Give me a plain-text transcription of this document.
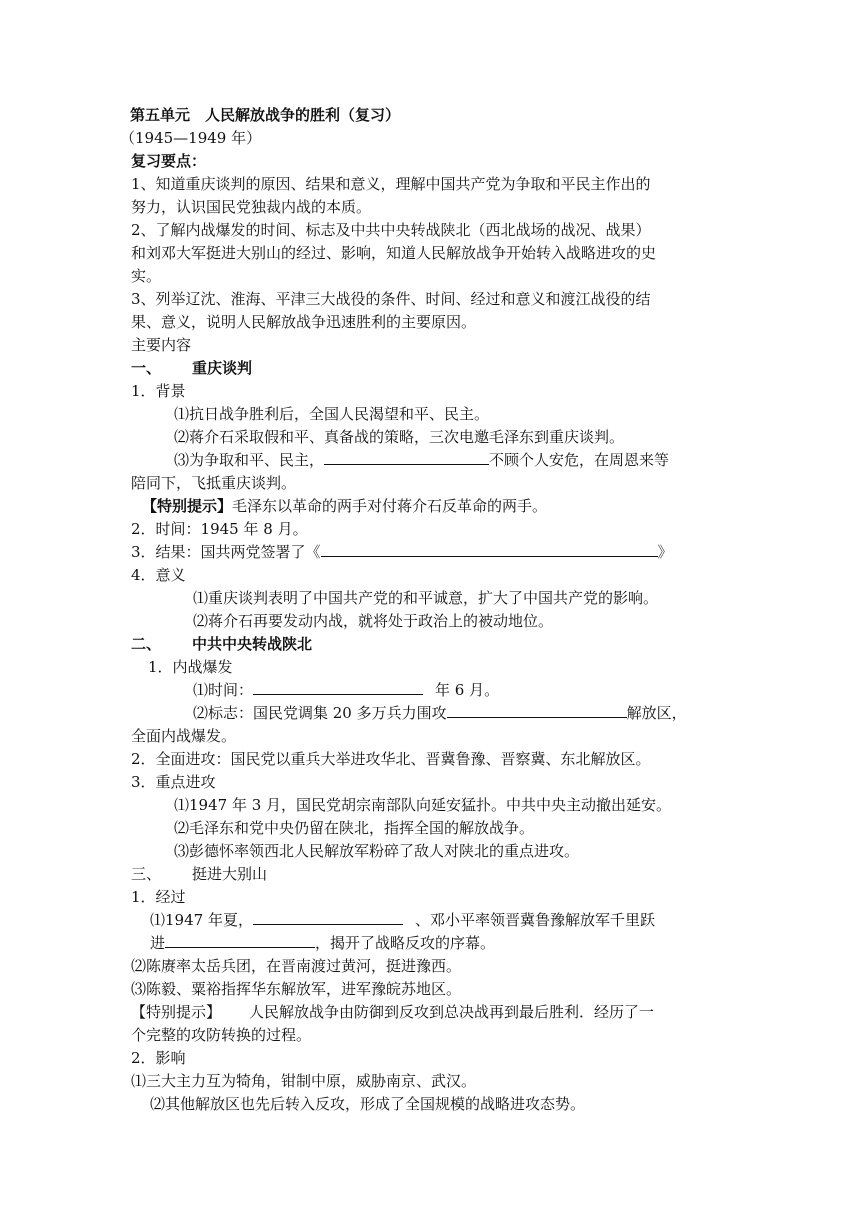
第五单元　人民解放战争的胜利（复习）
（1945—1949 年）
复习要点：
1、知道重庆谈判的原因、结果和意义，理解中国共产党为争取和平民主作出的
努力，认识国民党独裁内战的本质。
2、了解内战爆发的时间、标志及中共中央转战陕北（西北战场的战况、战果）
和刘邓大军挺进大别山的经过、影响，知道人民解放战争开始转入战略进攻的史
实。
3、列举辽沈、淮海、平津三大战役的条件、时间、经过和意义和渡江战役的结
果、意义，说明人民解放战争迅速胜利的主要原因。
主要内容
一、 重庆谈判
1．背景
⑴抗日战争胜利后，全国人民渴望和平、民主。
⑵蒋介石采取假和平、真备战的策略，三次电邀毛泽东到重庆谈判。
⑶为争取和平、民主，	不顾个人安危，在周恩来等
陪同下，飞抵重庆谈判。
【特别提示】毛泽东以革命的两手对付蒋介石反革命的两手。
2．时间：1945 年 8 月。
3．结果：国共两党签署了《	》
4．意义
⑴重庆谈判表明了中国共产党的和平诚意，扩大了中国共产党的影响。
⑵蒋介石再要发动内战，就将处于政治上的被动地位。
二、 中共中央转战陕北
1．内战爆发
⑴时间：	年 6 月。
⑵标志：国民党调集 20 多万兵力围攻	解放区，
全面内战爆发。
2．全面进攻：国民党以重兵大举进攻华北、晋冀鲁豫、晋察冀、东北解放区。
3．重点进攻
⑴1947 年 3 月，国民党胡宗南部队向延安猛扑。中共中央主动撤出延安。
⑵毛泽东和党中央仍留在陕北，指挥全国的解放战争。
⑶彭德怀率领西北人民解放军粉碎了敌人对陕北的重点进攻。
三、 挺进大别山
1．经过
⑴1947 年夏，	、邓小平率领晋冀鲁豫解放军千里跃
进	，揭开了战略反攻的序幕。
⑵陈赓率太岳兵团，在晋南渡过黄河，挺进豫西。
⑶陈毅、粟裕指挥华东解放军，进军豫皖苏地区。
【特别提示】 人民解放战争由防御到反攻到总决战再到最后胜利．经历了一
个完整的攻防转换的过程。
2．影响
⑴三大主力互为犄角，钳制中原，威胁南京、武汉。
⑵其他解放区也先后转入反攻，形成了全国规模的战略进攻态势。
